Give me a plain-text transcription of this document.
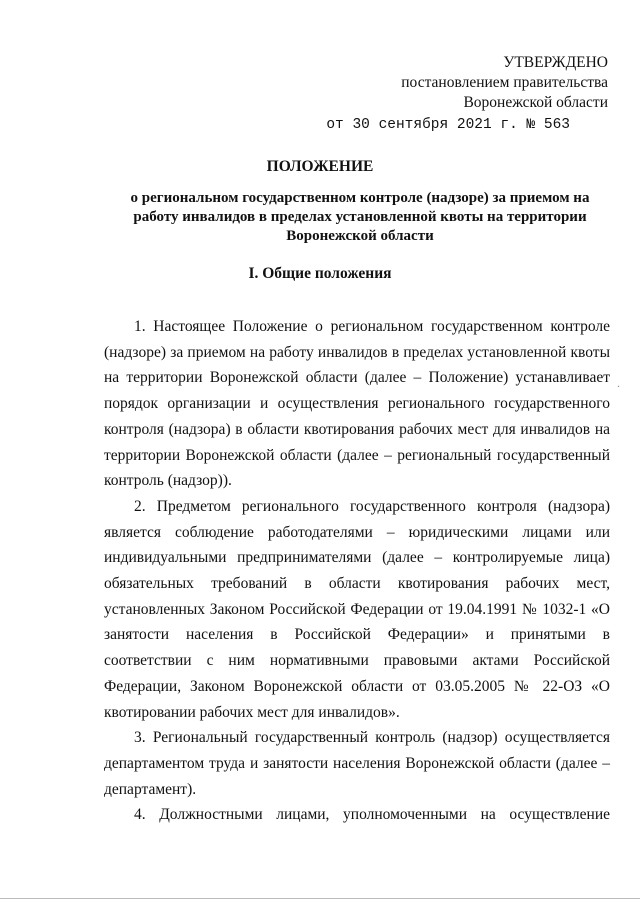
УТВЕРЖДЕНО
постановлением правительства
Воронежской области
от 30 сентября 2021 г. № 563
ПОЛОЖЕНИЕ
о региональном государственном контроле (надзоре) за приемом на работу инвалидов в пределах установленной квоты на территории Воронежской области
I. Общие положения

1. Настоящее Положение о региональном государственном контроле (надзоре) за приемом на работу инвалидов в пределах установленной квоты на территории Воронежской области (далее – Положение) устанавливает порядок организации и осуществления регионального государственного контроля (надзора) в области квотирования рабочих мест для инвалидов на территории Воронежской области (далее – региональный государственный контроль (надзор)).

2. Предметом регионального государственного контроля (надзора) является соблюдение работодателями – юридическими лицами или индивидуальными предпринимателями (далее – контролируемые лица) обязательных требований в области квотирования рабочих мест, установленных Законом Российской Федерации от 19.04.1991 № 1032-1 «О занятости населения в Российской Федерации» и принятыми в соответствии с ним нормативными правовыми актами Российской Федерации, Законом Воронежской области от 03.05.2005 № 22-ОЗ «О квотировании рабочих мест для инвалидов».

3. Региональный государственный контроль (надзор) осуществляется департаментом труда и занятости населения Воронежской области (далее – департамент).

4. Должностными лицами, уполномоченными на осуществление

.
